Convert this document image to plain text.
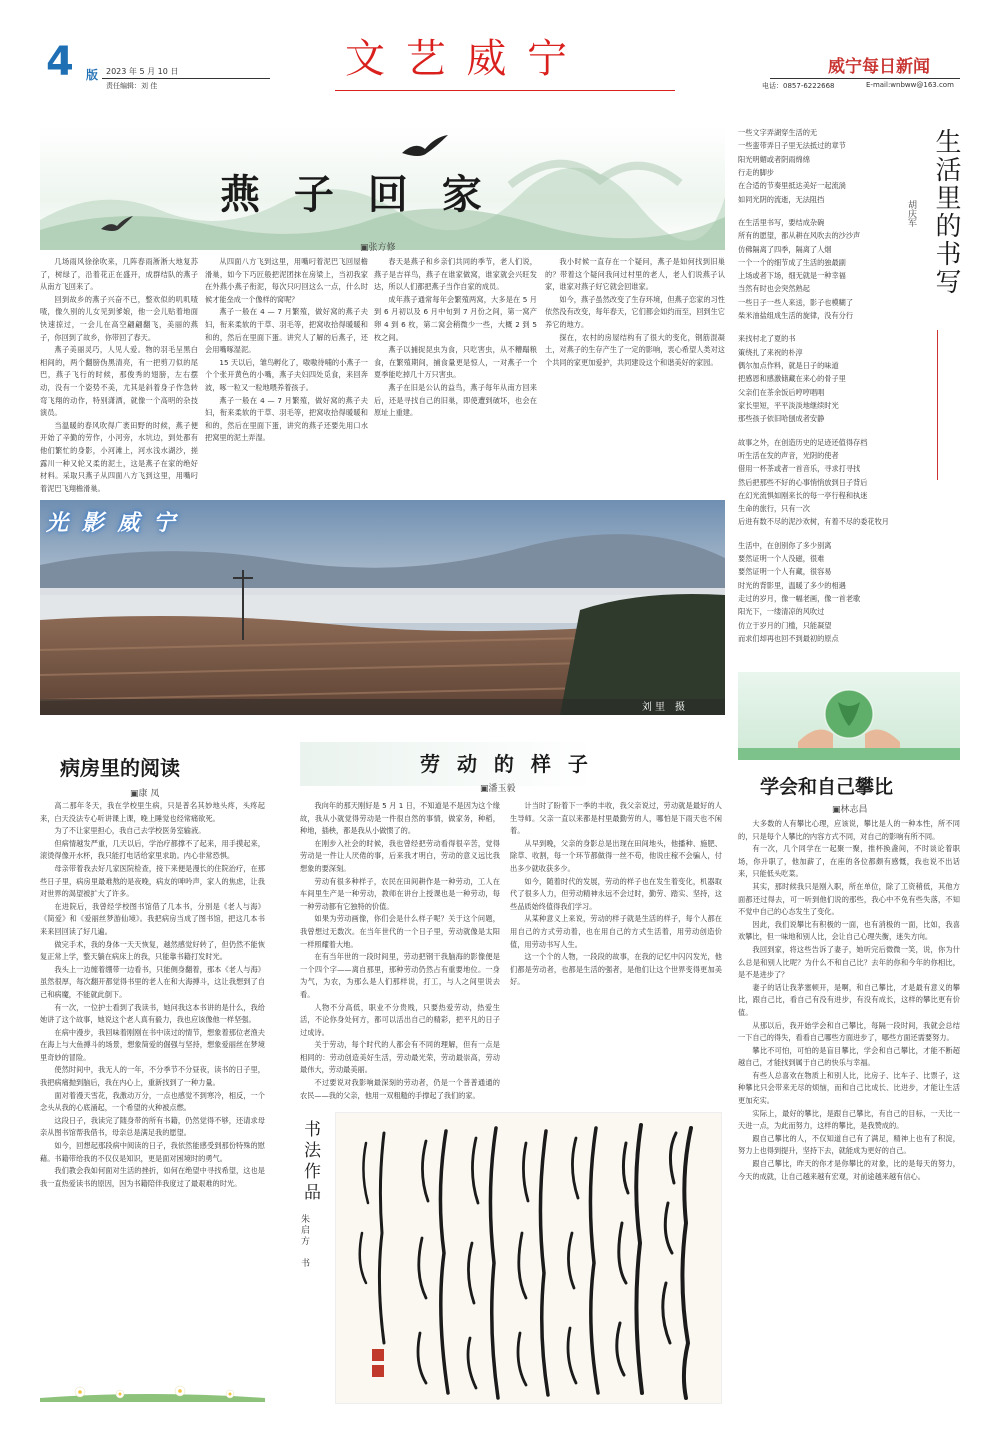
4 版 2023 年 5 月 10 日
责任编辑：刘 佳
文 艺 威 宁	威宁每日新闻
电话：0857-6222668	E-mail:wnbww@163.com
燕 子 回 家
▣张方修

几场雨风徐徐吹来，几阵春雨淅淅大地复苏了，树绿了，沿着花正在盛开，成群结队的燕子从南方飞回来了。

回到故乡的燕子兴奋不已，整欢似的叽叽喳喳，像久别的儿女见到爹娘，他一会儿贴着地面快速掠过，一会儿在高空翩翩翻飞，美丽的燕子，你回到了故乡，你带回了春天。

燕子美丽灵巧，人见人爱。物的羽毛呈黑白相间的，两个翻膀伪黑清亮，有一把剪刀似的尾巴，燕子飞行的时候，那俊秀的翅膀，左右摆动，没有一个姿势不美，尤其是斜着身子作急转弯飞翔的动作，特别潇洒，就像一个高明的杂技演员。

当温暖的春风吹得广袤田野的时候，燕子便开始了辛勤的劳作，小河旁，水坑边，到处都有他们繁忙的身影，小河滩上，河水浅水湖沙，搓露川一种又轮又柔的泥土，这是燕子在家的绝好材料。采取只燕子从四面八方飞到这里，用嘴叼着泥巴飞翔檐滑巢。

从四面八方飞到这里，用嘴叼着泥巴飞回屋檐滑巢，如今下巧匠般把泥团抹在房梁上，当初我家在外燕小燕子衔泥，每次只叼回这么一点，什么时候才能垒成一个像样的窝呢？

燕子一般在 4 — 7 月繁殖，做好窝的燕子夫妇，衔来柔软的干草、羽毛等，把窝收拾得暖暖和和的，然后在里面下蛋。讲究人了解的后燕子，还会用嘴啄湿泥。

15 天以后，雏鸟孵化了，嗷嗷待哺的小燕子一个个张开黄色的小嘴，燕子夫妇四处觅食，来回奔波，啄一粒又一粒地喂养着孩子。

燕子一般在 4 — 7 月繁殖，做好窝的燕子夫妇，衔来柔软的干草、羽毛等，把窝收拾得暖暖和和的，然后在里面下蛋，讲究的燕子还要先用口水把窝里的泥土弄湿。

春天是燕子和乡亲们共同的季节，老人们说，燕子是吉祥鸟，燕子在谁家做窝，谁家就会兴旺发达，所以人们都把燕子当作自家的成员。

成年燕子通常每年会繁殖两窝，大多是在 5 月到 6 月初以及 6 月中旬到 7 月份之间，第一窝产卵 4 到 6 枚，第二窝会稍微少一些，大概 2 到 5 枚之间。

燕子以捕捉昆虫为食，只吃害虫，从不糟蹋粮食，在繁殖期间，捕食量更是惊人，一对燕子一个夏季能吃掉几十万只害虫。

燕子在旧是公认的益鸟，燕子每年从南方回来后，还是寻找自己的旧巢，即使遭到破坏，也会在原址上重建。

我小时候一直存在一个疑问，燕子是如何找到旧巢的？带着这个疑问我问过村里的老人，老人们说燕子认家，谁家对燕子好它就会回谁家。

如今，燕子虽然改变了生存环境，但燕子恋家的习性依然没有改变，每年春天，它们都会如约而至，回到生它养它的地方。

探在，农村的房屋结构有了很大的变化，钢筋混凝土，对燕子的生存产生了一定的影响，衷心希望人类对这个共同的家更加爱护，共同建设这个和谐美好的家园。

光 影 威 宁
刘 里　摄
生活里的书写
胡庆军
一些文字弄湖穿生活的无
一些蛮带弄日子里无法抵过的章节
阳光明媚或者阴雨绵绵
行走的脚步
在合适的节奏里抵达美好一起流淌
如同光阴的流逝，无法阻挡
在生活里书写，要结成杂碗
所有的愿望，都从耕在风吹去的沙沙声
仿佛隔离了四季，隔离了人烟
一个一个的细节成了生活的独最副
上场或者下场，细无就是一种幸福
当然有时也会突然熟起
一些日子一些人来送，影子也模糊了
柴米油盐组成生活的旋律，没有分行
来找村北了夏的书
策绕扎了来祝的朴淳
偶尔加点作料，就是日子的味道
把感恩和感激储藏在来心的骨子里
父亲们在茶余饭后哼哼唱唱
家长里短，平平淡淡地继续时光
那些孩子依旧哈刨成者安静
故事之外，在创造历史的足迹还值得存档
听生活在发的声音，光阴的使者
借用一杯茶或者一首音乐，寻求打寻找
然后把那些不好的心事悄悄放到日子背后
在幻光流惧如刚来长的每一亭行程和执迷
生命的旅行，只有一次
后进有数不尽的泥沙欢树，有着不尽的委花牧月
生活中，在创别你了多少别离
要然证明一个人没磁，很难
要然证明一个人有藏，很容易
时光的背影里，温暖了多少的相遇
走过的岁月，像一幅老画，像一首老歌
阳光下，一缕清凉的风吹过
仿立于岁月的门槛，只能凝望
而求们却再也回不到最初的原点
病房里的阅读
▣康 凤

高二那年冬天，我在学校里生病，只是普名其妙地头疼，头疼起来，白天没法专心听讲课上课，晚上睡觉也经常痛欲死。

为了不让家里担心，我自己去学校医务室输液。

但病情越发严重，几天以后，学治疗都撑不了起来，用手摸起来，滚烫得像开水杯，我只能打电话给家里求助。内心非常恐惧。

母亲带着我去好几家医院检查，接下来便是漫长的住院治疗，在那些日子里，病房里最难熬的是夜晚，病友的呻吟声，家人的焦虑，让我对世界的渴望被扩大了许多。

在进院后，我曾经学校图书馆借了几本书，分别是《老人与海》《简爱》和《爱丽丝梦游仙境》。我把病房当成了图书馆，把这几本书来来回回读了好几遍。

做完手术，我的身体一天天恢复，越然感觉好转了，但仍然不能恢复正常上学，整天躺在病床上的我，只能靠书籍打发时光。

我头上一边缠着绷带一边看书，只能侧身翻着，那本《老人与海》虽然很厚，每次翻开都觉得书里的老人在和大海搏斗，这让我想到了自己和病魔，不能就此倒下。

有一次，一位护士看到了我读书，她问我这本书讲的是什么，我给她讲了这个故事，她说这个老人真有毅力，我也应该像他一样坚强。

在病中漫步，我回味着刚刚在书中读过的情节，想象着那位老渔夫在海上与大鱼搏斗的场景，想象简爱的倔强与坚持，想象爱丽丝在梦境里奇妙的冒险。

使然时间中，我无人的一年，不分季节不分昼夜，读书的日子里，我把病痛抛到脑后，我在内心上，重新找到了一种力量。

面对着漫天雪花，我激动万分，一点也感觉不到寒冷，相反，一个念头从我的心底涌起，一个希望的火种被点燃。

这段日子，我读完了随身带的所有书籍，仍然觉得不够，还请求母亲从图书馆帮我借书，母亲总是满足我的愿望。

如今，回想起那段病中阅读的日子，我依然能感受到那份特殊的慰藉。书籍带给我的不仅仅是知识，更是面对困境时的勇气。

我们教会我如何面对生活的挫折，如何在绝望中寻找希望，这也是我一直热爱读书的原因，因为书籍陪伴我度过了最艰难的时光。

劳 动 的 样 子
▣潘玉毅

我向年的那天刚好是 5 月 1 日，不知道是不是因为这个缘故，我从小就觉得劳动是一件很自然的事情，做家务，种稻，种地，插秧，都是我从小做惯了的。

在刚步入社会的时候，我也曾经把劳动看得很辛苦，觉得劳动是一件让人厌倦的事，后来我才明白，劳动的意义远比我想象的要深刻。

劳动有很多种样子，农民在田间耕作是一种劳动，工人在车间里生产是一种劳动，教师在讲台上授课也是一种劳动，每一种劳动都有它独特的价值。

如果为劳动画像，你们会是什么样子呢？关于这个问题，我曾想过无数次。在当年世代的一个日子里，劳动就像是太阳一样照耀着大地。

在有当年世的一段时间里，劳动把钢干我脑海的影像便是一个四个字——离自那里，那种劳动仍然占有重要地位。一身为气，为农，为那么是人们那样说，打工，与人之间里说去看。

人物不分高低，职业不分贵贱，只要热爱劳动，热爱生活，不论你身处何方，都可以活出自己的精彩，把平凡的日子过成诗。

关于劳动，每个时代的人都会有不同的理解，但有一点是相同的：劳动创造美好生活，劳动最光荣，劳动最崇高，劳动最伟大，劳动最美丽。

不过要说对我影响最深刻的劳动者，仍是一个普普通通的农民——我的父亲，他用一双粗糙的手撑起了我们的家。

计当时了盼着下一季的丰收，我父亲说过，劳动就是最好的人生导师。父亲一直以来都是村里最勤劳的人，哪怕是下雨天也不闲着。

从早到晚，父亲的身影总是出现在田间地头，他播种、施肥、除草、收割，每一个环节都做得一丝不苟，他说庄稼不会骗人，付出多少就收获多少。

如今，随着时代的发展，劳动的样子也在发生着变化，机器取代了很多人力，但劳动精神永远不会过时，勤劳、踏实、坚持，这些品质始终值得我们学习。

从某种意义上来说，劳动的样子就是生活的样子，每个人都在用自己的方式劳动着，也在用自己的方式生活着，用劳动创造价值，用劳动书写人生。

这一个个的人物，一段段的故事，在我的记忆中闪闪发光，他们都是劳动者，也都是生活的强者，是他们让这个世界变得更加美好。

书法作品
朱启方　书
学会和自己攀比
▣林志昌

大多数的人有攀比心理，应该说，攀比是人的一种本性，所不同的，只是每个人攀比的内容方式不同，对自己的影响有所不同。

有一次，几个同学在一起聚一聚，推杯换盏间，不时谈论着职场，你升职了，他加薪了，在座的各位都颇有感慨，我也说不出话来，只能低头吃菜。

其实，那时候我只是刚入职，所在单位，除了工资稍低，其他方面都还过得去，可一听到他们说的那些，我心中不免有些失落，不知不觉中自己的心态发生了变化。

因此，我们说攀比有积极的一面，也有消极的一面，比如，我喜欢攀比，但一味地和别人比，会让自己心理失衡，迷失方向。

我回到家，将这些告诉了妻子，她听完后微微一笑，说，你为什么总是和别人比呢？为什么不和自己比？去年的你和今年的你相比，是不是进步了？

妻子的话让我茅塞顿开，是啊，和自己攀比，才是最有意义的攀比，跟自己比，看自己有没有进步，有没有成长，这样的攀比更有价值。

从那以后，我开始学会和自己攀比，每隔一段时间，我就会总结一下自己的得失，看看自己哪些方面进步了，哪些方面还需要努力。

攀比不可怕，可怕的是盲目攀比，学会和自己攀比，才能不断超越自己，才能找到属于自己的快乐与幸福。

有些人总喜欢在物质上和别人比，比房子、比车子、比票子，这种攀比只会带来无尽的烦恼，而和自己比成长、比进步，才能让生活更加充实。

实际上，最好的攀比，是跟自己攀比，有自己的目标，一天比一天进一点，为此而努力，这样的攀比，是我赞成的。

跟自己攀比的人，不仅知道自己有了满足，精神上也有了积淀，努力上也得到提升，坚持下去，就能成为更好的自己。

跟自己攀比，昨天的你才是你攀比的对象，比的是每天的努力，今天的成就，让自己越来越有宏观，对前途越来越有信心。
